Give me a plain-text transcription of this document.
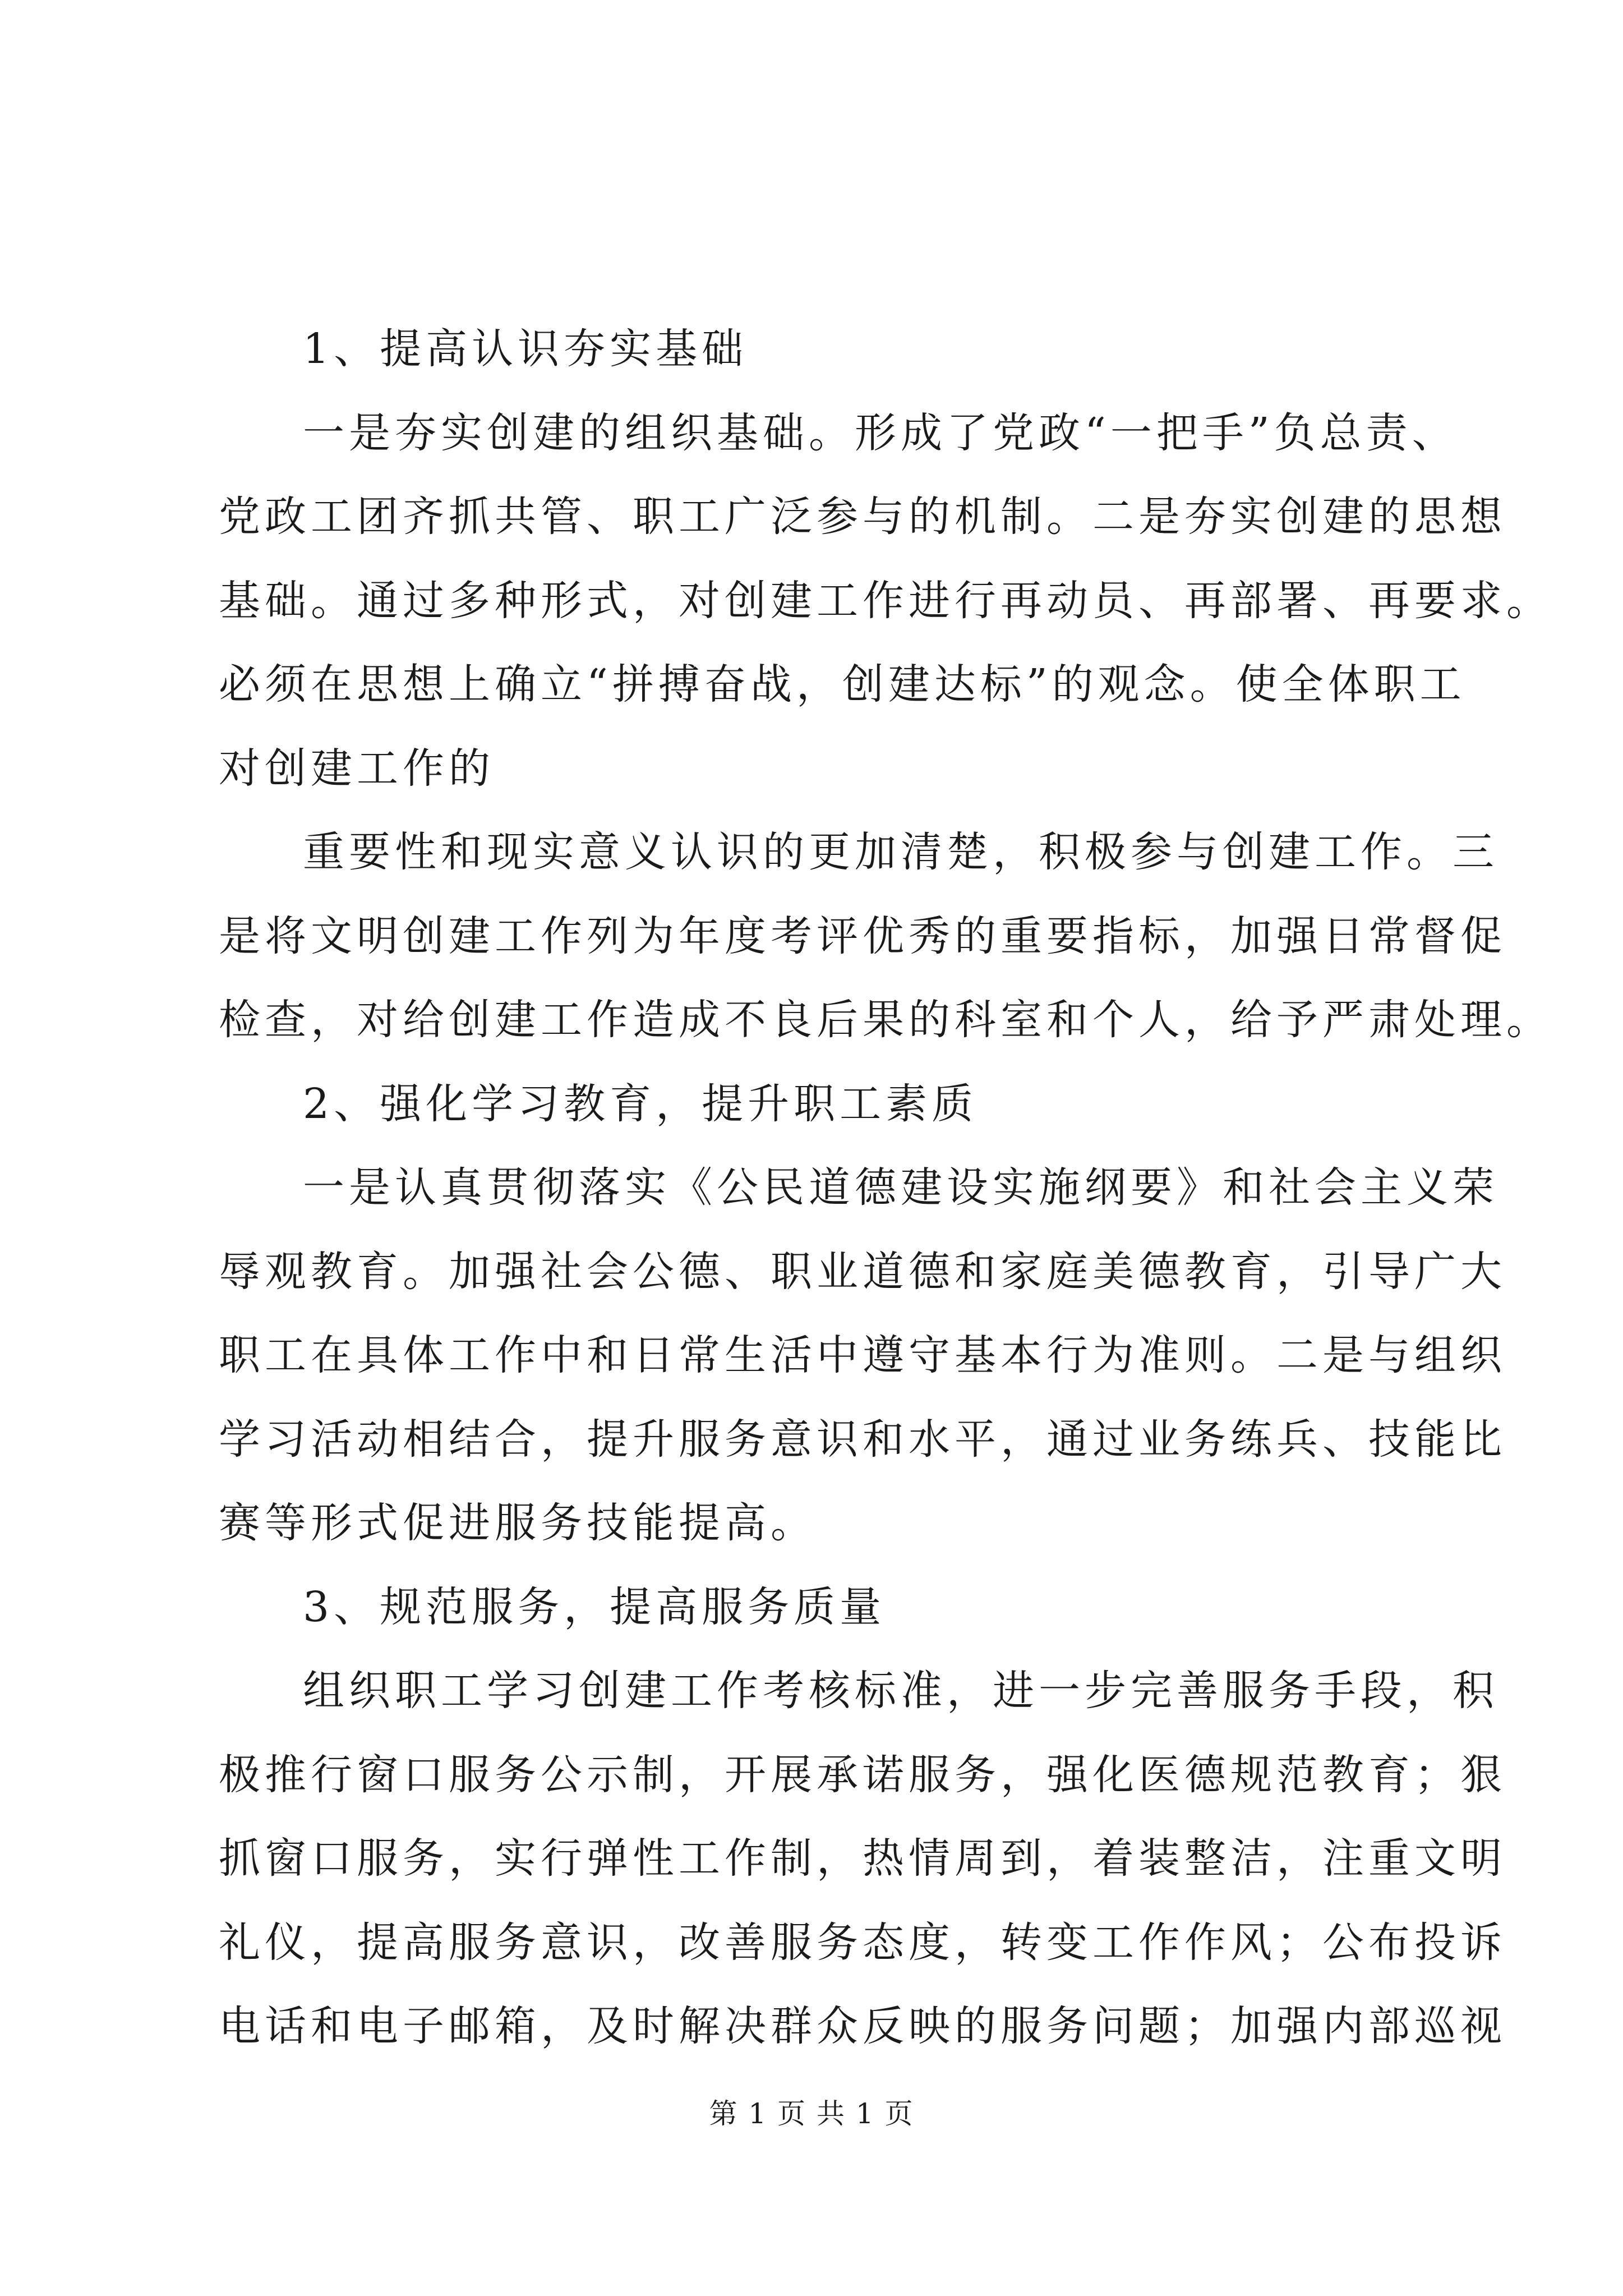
1、提高认识夯实基础
一是夯实创建的组织基础。形成了党政“一把手”负总责、
党政工团齐抓共管、职工广泛参与的机制。二是夯实创建的思想
基础。通过多种形式，对创建工作进行再动员、再部署、再要求。
必须在思想上确立“拼搏奋战，创建达标”的观念。使全体职工
对创建工作的
重要性和现实意义认识的更加清楚，积极参与创建工作。三
是将文明创建工作列为年度考评优秀的重要指标，加强日常督促
检查，对给创建工作造成不良后果的科室和个人，给予严肃处理。
2、强化学习教育，提升职工素质
一是认真贯彻落实《公民道德建设实施纲要》和社会主义荣
辱观教育。加强社会公德、职业道德和家庭美德教育，引导广大
职工在具体工作中和日常生活中遵守基本行为准则。二是与组织
学习活动相结合，提升服务意识和水平，通过业务练兵、技能比
赛等形式促进服务技能提高。
3、规范服务，提高服务质量
组织职工学习创建工作考核标准，进一步完善服务手段，积
极推行窗口服务公示制，开展承诺服务，强化医德规范教育；狠
抓窗口服务，实行弹性工作制，热情周到，着装整洁，注重文明
礼仪，提高服务意识，改善服务态度，转变工作作风；公布投诉
电话和电子邮箱，及时解决群众反映的服务问题；加强内部巡视
第 1 页 共 1 页
